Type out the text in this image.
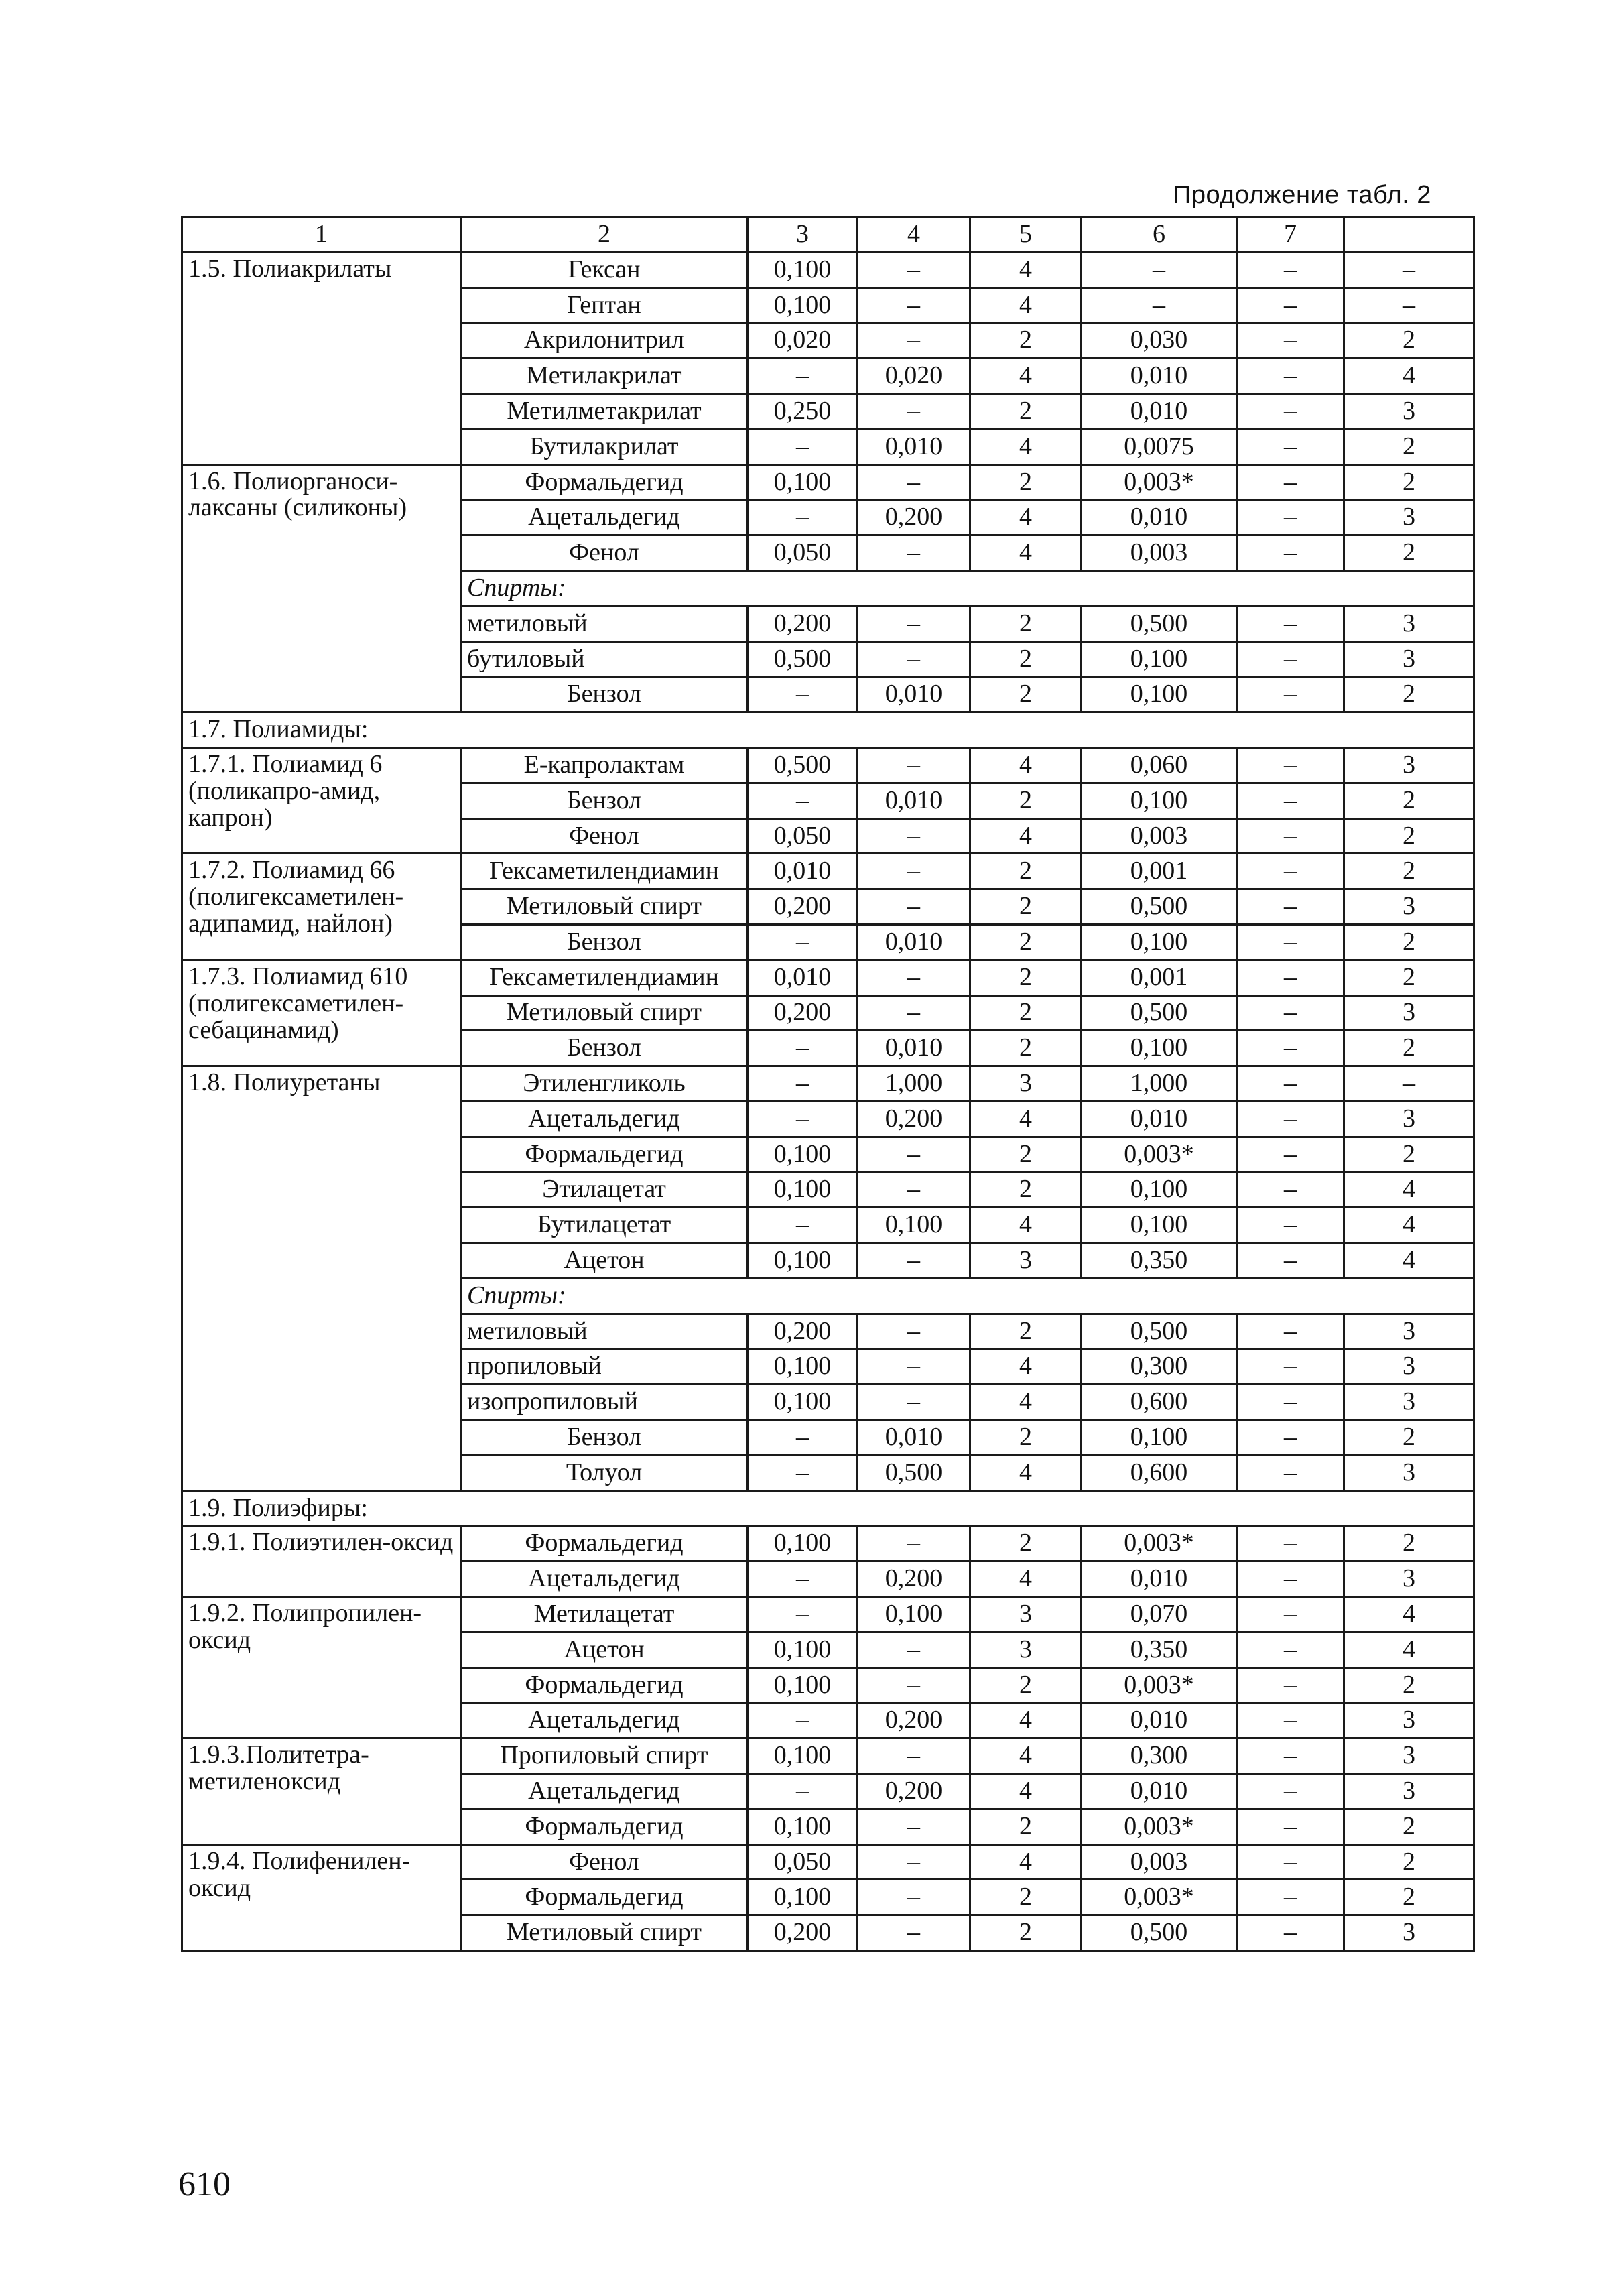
Продолжение табл. 2
1	2	3	4	5	6	7	
1.5. Полиакрилаты	Гексан	0,100	–	4	–	–	–
	Гептан	0,100	–	4	–	–	–
	Акрилонитрил	0,020	–	2	0,030	–	2
	Метилакрилат	–	0,020	4	0,010	–	4
	Метилметакрилат	0,250	–	2	0,010	–	3
	Бутилакрилат	–	0,010	4	0,0075	–	2
1.6. Полиорганоси-лаксаны (силиконы)	Формальдегид	0,100	–	2	0,003*	–	2
	Ацетальдегид	–	0,200	4	0,010	–	3
	Фенол	0,050	–	4	0,003	–	2
	Спирты:						
	метиловый	0,200	–	2	0,500	–	3
	бутиловый	0,500	–	2	0,100	–	3
	Бензол	–	0,010	2	0,100	–	2
1.7. Полиамиды:							
1.7.1. Полиамид 6 (поликапро-амид, капрон)	Е-капролактам	0,500	–	4	0,060	–	3
	Бензол	–	0,010	2	0,100	–	2
	Фенол	0,050	–	4	0,003	–	2
1.7.2. Полиамид 66 (полигексаметилен-адипамид, найлон)	Гексаметилендиамин	0,010	–	2	0,001	–	2
	Метиловый спирт	0,200	–	2	0,500	–	3
	Бензол	–	0,010	2	0,100	–	2
1.7.3. Полиамид 610 (полигексаметилен-себацинамид)	Гексаметилендиамин	0,010	–	2	0,001	–	2
	Метиловый спирт	0,200	–	2	0,500	–	3
	Бензол	–	0,010	2	0,100	–	2
1.8. Полиуретаны	Этиленгликоль	–	1,000	3	1,000	–	–
	Ацетальдегид	–	0,200	4	0,010	–	3
	Формальдегид	0,100	–	2	0,003*	–	2
	Этилацетат	0,100	–	2	0,100	–	4
	Бутилацетат	–	0,100	4	0,100	–	4
	Ацетон	0,100	–	3	0,350	–	4
	Спирты:						
	метиловый	0,200	–	2	0,500	–	3
	пропиловый	0,100	–	4	0,300	–	3
	изопропиловый	0,100	–	4	0,600	–	3
	Бензол	–	0,010	2	0,100	–	2
	Толуол	–	0,500	4	0,600	–	3
1.9. Полиэфиры:							
1.9.1. Полиэтилен-оксид	Формальдегид	0,100	–	2	0,003*	–	2
	Ацетальдегид	–	0,200	4	0,010	–	3
1.9.2. Полипропилен-оксид	Метилацетат	–	0,100	3	0,070	–	4
	Ацетон	0,100	–	3	0,350	–	4
	Формальдегид	0,100	–	2	0,003*	–	2
	Ацетальдегид	–	0,200	4	0,010	–	3
1.9.3.Политетра-метиленоксид	Пропиловый спирт	0,100	–	4	0,300	–	3
	Ацетальдегид	–	0,200	4	0,010	–	3
	Формальдегид	0,100	–	2	0,003*	–	2
1.9.4. Полифенилен-оксид	Фенол	0,050	–	4	0,003	–	2
	Формальдегид	0,100	–	2	0,003*	–	2
	Метиловый спирт	0,200	–	2	0,500	–	3
610
